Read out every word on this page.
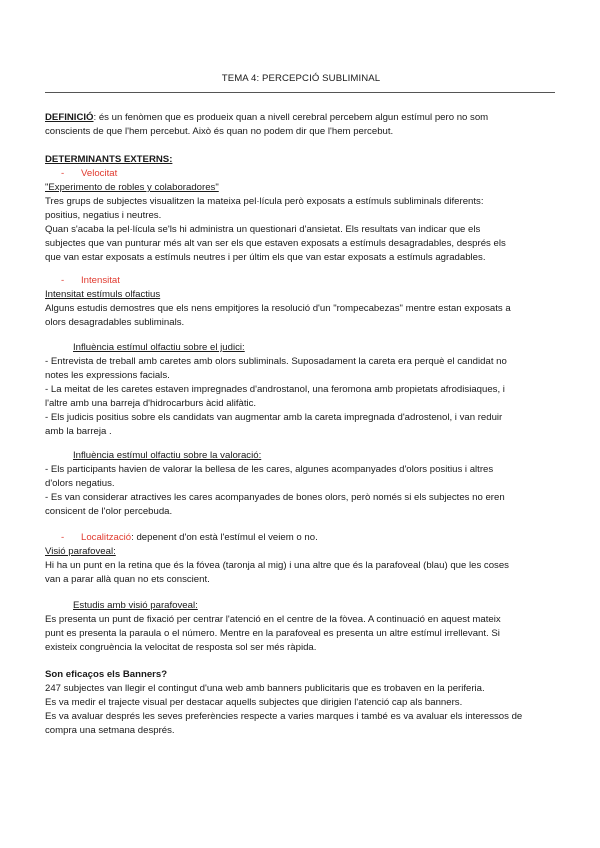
TEMA 4: PERCEPCIÓ SUBLIMINAL

DEFINICIÓ: és un fenòmen que es produeix quan a nivell cerebral percebem algun estímul pero no som

conscients de que l'hem percebut. Això és quan no podem dir que l'hem percebut.

DETERMINANTS EXTERNS:

- Velocitat

"Experimento de robles y colaboradores"

Tres grups de subjectes visualitzen la mateixa pel·lícula però exposats a estímuls subliminals diferents:

positius, negatius i neutres.

Quan s'acaba la pel·lícula se'ls hi administra un questionari d'ansietat. Els resultats van indicar que els

subjectes que van punturar més alt van ser els que estaven exposats a estímuls desagradables, després els

que van estar exposats a estímuls neutres i per últim els que van estar exposats a estímuls agradables.

- Intensitat

Intensitat estímuls olfactius

Alguns estudis demostres que els nens empitjores la resolució d'un "rompecabezas" mentre estan exposats a

olors desagradables subliminals.

Influència estímul olfactiu sobre el judici:

- Entrevista de treball amb caretes amb olors subliminals. Suposadament la careta era perquè el candidat no

notes les expressions facials.

- La meitat de les caretes estaven impregnades d'androstanol, una feromona amb propietats afrodisiaques, i

l'altre amb una barreja d'hidrocarburs àcid alifàtic.

- Els judicis positius sobre els candidats van augmentar amb la careta impregnada d'adrostenol, i van reduir

amb la barreja .

Influència estímul olfactiu sobre la valoració:

- Els participants havien de valorar la bellesa de les cares, algunes acompanyades d'olors positius i altres

d'olors negatius.

- Es van considerar atractives les cares acompanyades de bones olors, però només si els subjectes no eren

consicent de l'olor percebuda.

- Localització: depenent d'on està l'estímul el veiem o no.

Visió parafoveal:

Hi ha un punt en la retina que és la fóvea (taronja al mig) i una altre que és la parafoveal (blau) que les coses

van a parar allà quan no ets conscient.

Estudis amb visió parafoveal:

Es presenta un punt de fixació per centrar l'atenció en el centre de la fòvea. A continuació en aquest mateix

punt es presenta la paraula o el número. Mentre en la parafoveal es presenta un altre estímul irrellevant. Si

existeix congruència la velocitat de resposta sol ser més ràpida.

Son eficaços els Banners?

247 subjectes van llegir el contingut d'una web amb banners publicitaris que es trobaven en la periferia.

Es va medir el trajecte visual per destacar aquells subjectes que dirigien l'atenció cap als banners.

Es va avaluar després les seves preferències respecte a varies marques i també es va avaluar els interessos de

compra una setmana després.
